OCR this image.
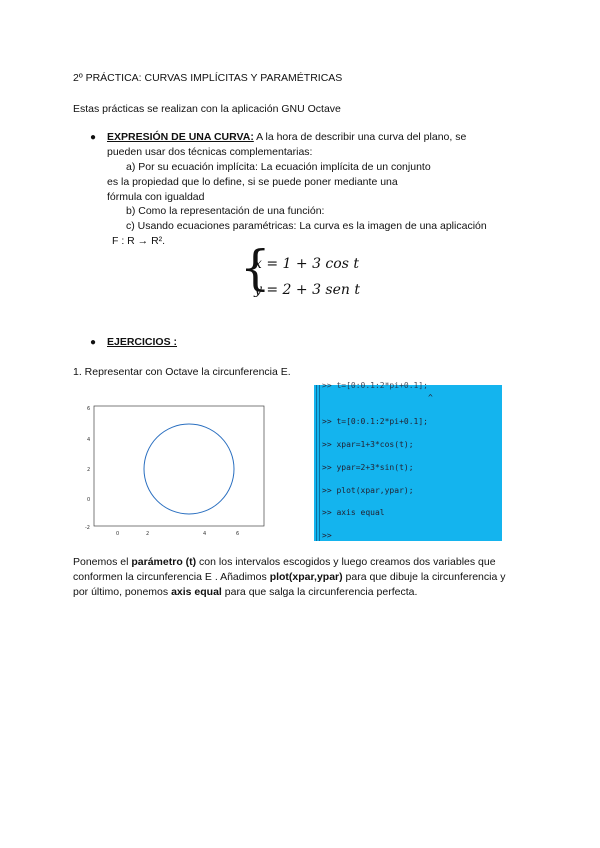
2º PRÁCTICA: CURVAS IMPLÍCITAS Y PARAMÉTRICAS
Estas prácticas se realizan con la aplicación GNU Octave
● EXPRESIÓN DE UNA CURVA: A la hora de describir una curva del plano, se
pueden usar dos técnicas complementarias:
a) Por su ecuación implícita: La ecuación implícita de un conjunto
es la propiedad que lo define, si se puede poner mediante una
fórmula con igualdad
b) Como la representación de una función:
c) Usando ecuaciones paramétricas: La curva es la imagen de una aplicación
F : R → R². {
x = 1 + 3 cos t
y = 2 + 3 sen t
● EJERCICIOS :
1. Representar con Octave la circunferencia E.
6
4
2
0
-2
0	2	4	6
>> t=[0:0.1:2*pi+0.1];
^
>> t=[0:0.1:2*pi+0.1];
>> xpar=1+3*cos(t);
>> ypar=2+3*sin(t);
>> plot(xpar,ypar);
>> axis equal
>>
Ponemos el parámetro (t) con los intervalos escogidos y luego creamos dos variables que
conformen la circunferencia E . Añadimos plot(xpar,ypar) para que dibuje la circunferencia y
por último, ponemos axis equal para que salga la circunferencia perfecta.
